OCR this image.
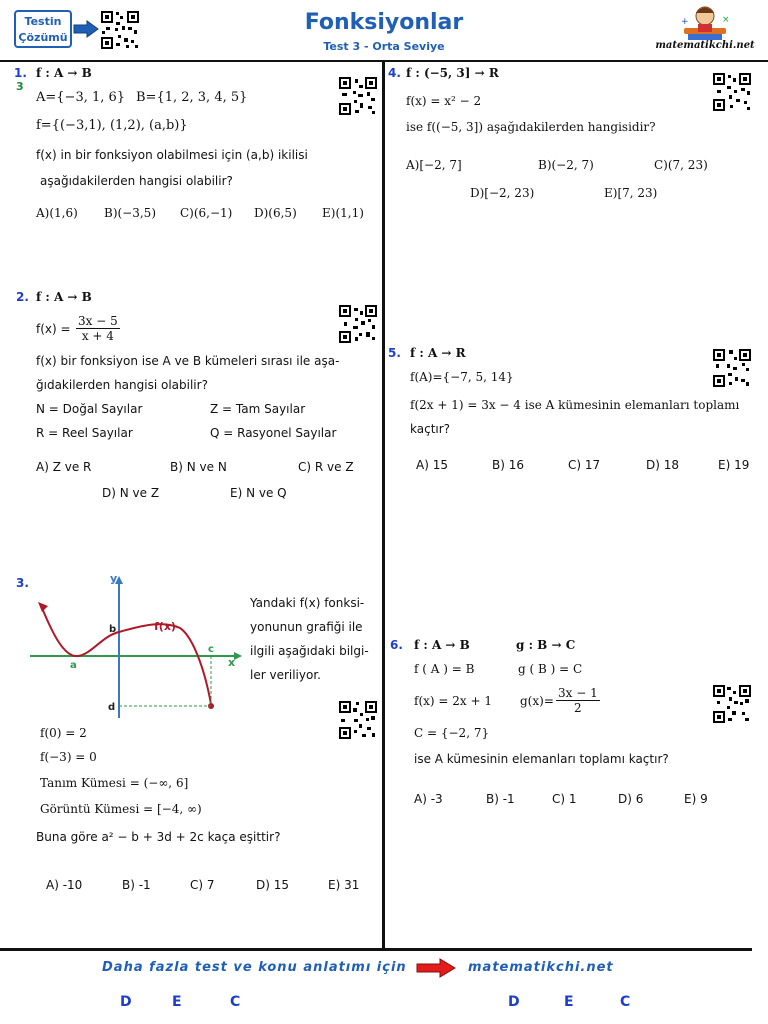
Testin
Çözümü
Fonksiyonlar
Test 3 - Orta Seviye
+	×
matematikchi.net
1.
3
f : A → B
A={−3, 1, 6} B={1, 2, 3, 4, 5}
f={(−3,1), (1,2), (a,b)}
f(x) in bir fonksiyon olabilmesi için (a,b) ikilisi
aşağıdakilerden hangisi olabilir?
A)(1,6) B)(−3,5) C)(6,−1) D)(6,5) E)(1,1)
2. f : A → B
$f(x) = \frac{3x - 5}{x + 4}$
f(x) bir fonksiyon ise A ve B kümeleri sırası ile aşa-
ğıdakilerden hangisi olabilir?
N = Doğal Sayılar	Z = Tam Sayılar
R = Reel Sayılar	Q = Rasyonel Sayılar
A) Z ve R	B) N ve N	C) R ve Z
D) N ve Z	E) N ve Q
3.	y
x
f(x)
a
b
c
d
Yandaki f(x) fonksi-
yonunun grafiği ile
ilgili aşağıdaki bilgi-
ler veriliyor.
f(0) = 2
f(−3) = 0
Tanım Kümesi = (−∞, 6]
Görüntü Kümesi = [−4, ∞)
Buna göre a² − b + 3d + 2c kaça eşittir?
A) -10	B) -1	C) 7	D) 15	E) 31
4. f : (−5, 3] → R
f(x) = x² − 2
ise f((−5, 3]) aşağıdakilerden hangisidir?
A)[−2, 7]	B)(−2, 7)	C)(7, 23)
D)[−2, 23)	E)[7, 23)
5. f : A → R
f(A)={−7, 5, 14}
f(2x + 1) = 3x − 4 ise A kümesinin elemanları toplamı
kaçtır?
A) 15	B) 16	C) 17	D) 18	E) 19
6. f : A → B	g : B → C
f ( A ) = B	g ( B ) = C
f(x) = 2x + 1 $g(x)= \frac{3x - 1}{2}$
C = {−2, 7}
ise A kümesinin elemanları toplamı kaçtır?
A) -3	B) -1	C) 1	D) 6	E) 9
Daha fazla test ve konu anlatımı için	matematikchi.net
D	E	C	D	E	C
